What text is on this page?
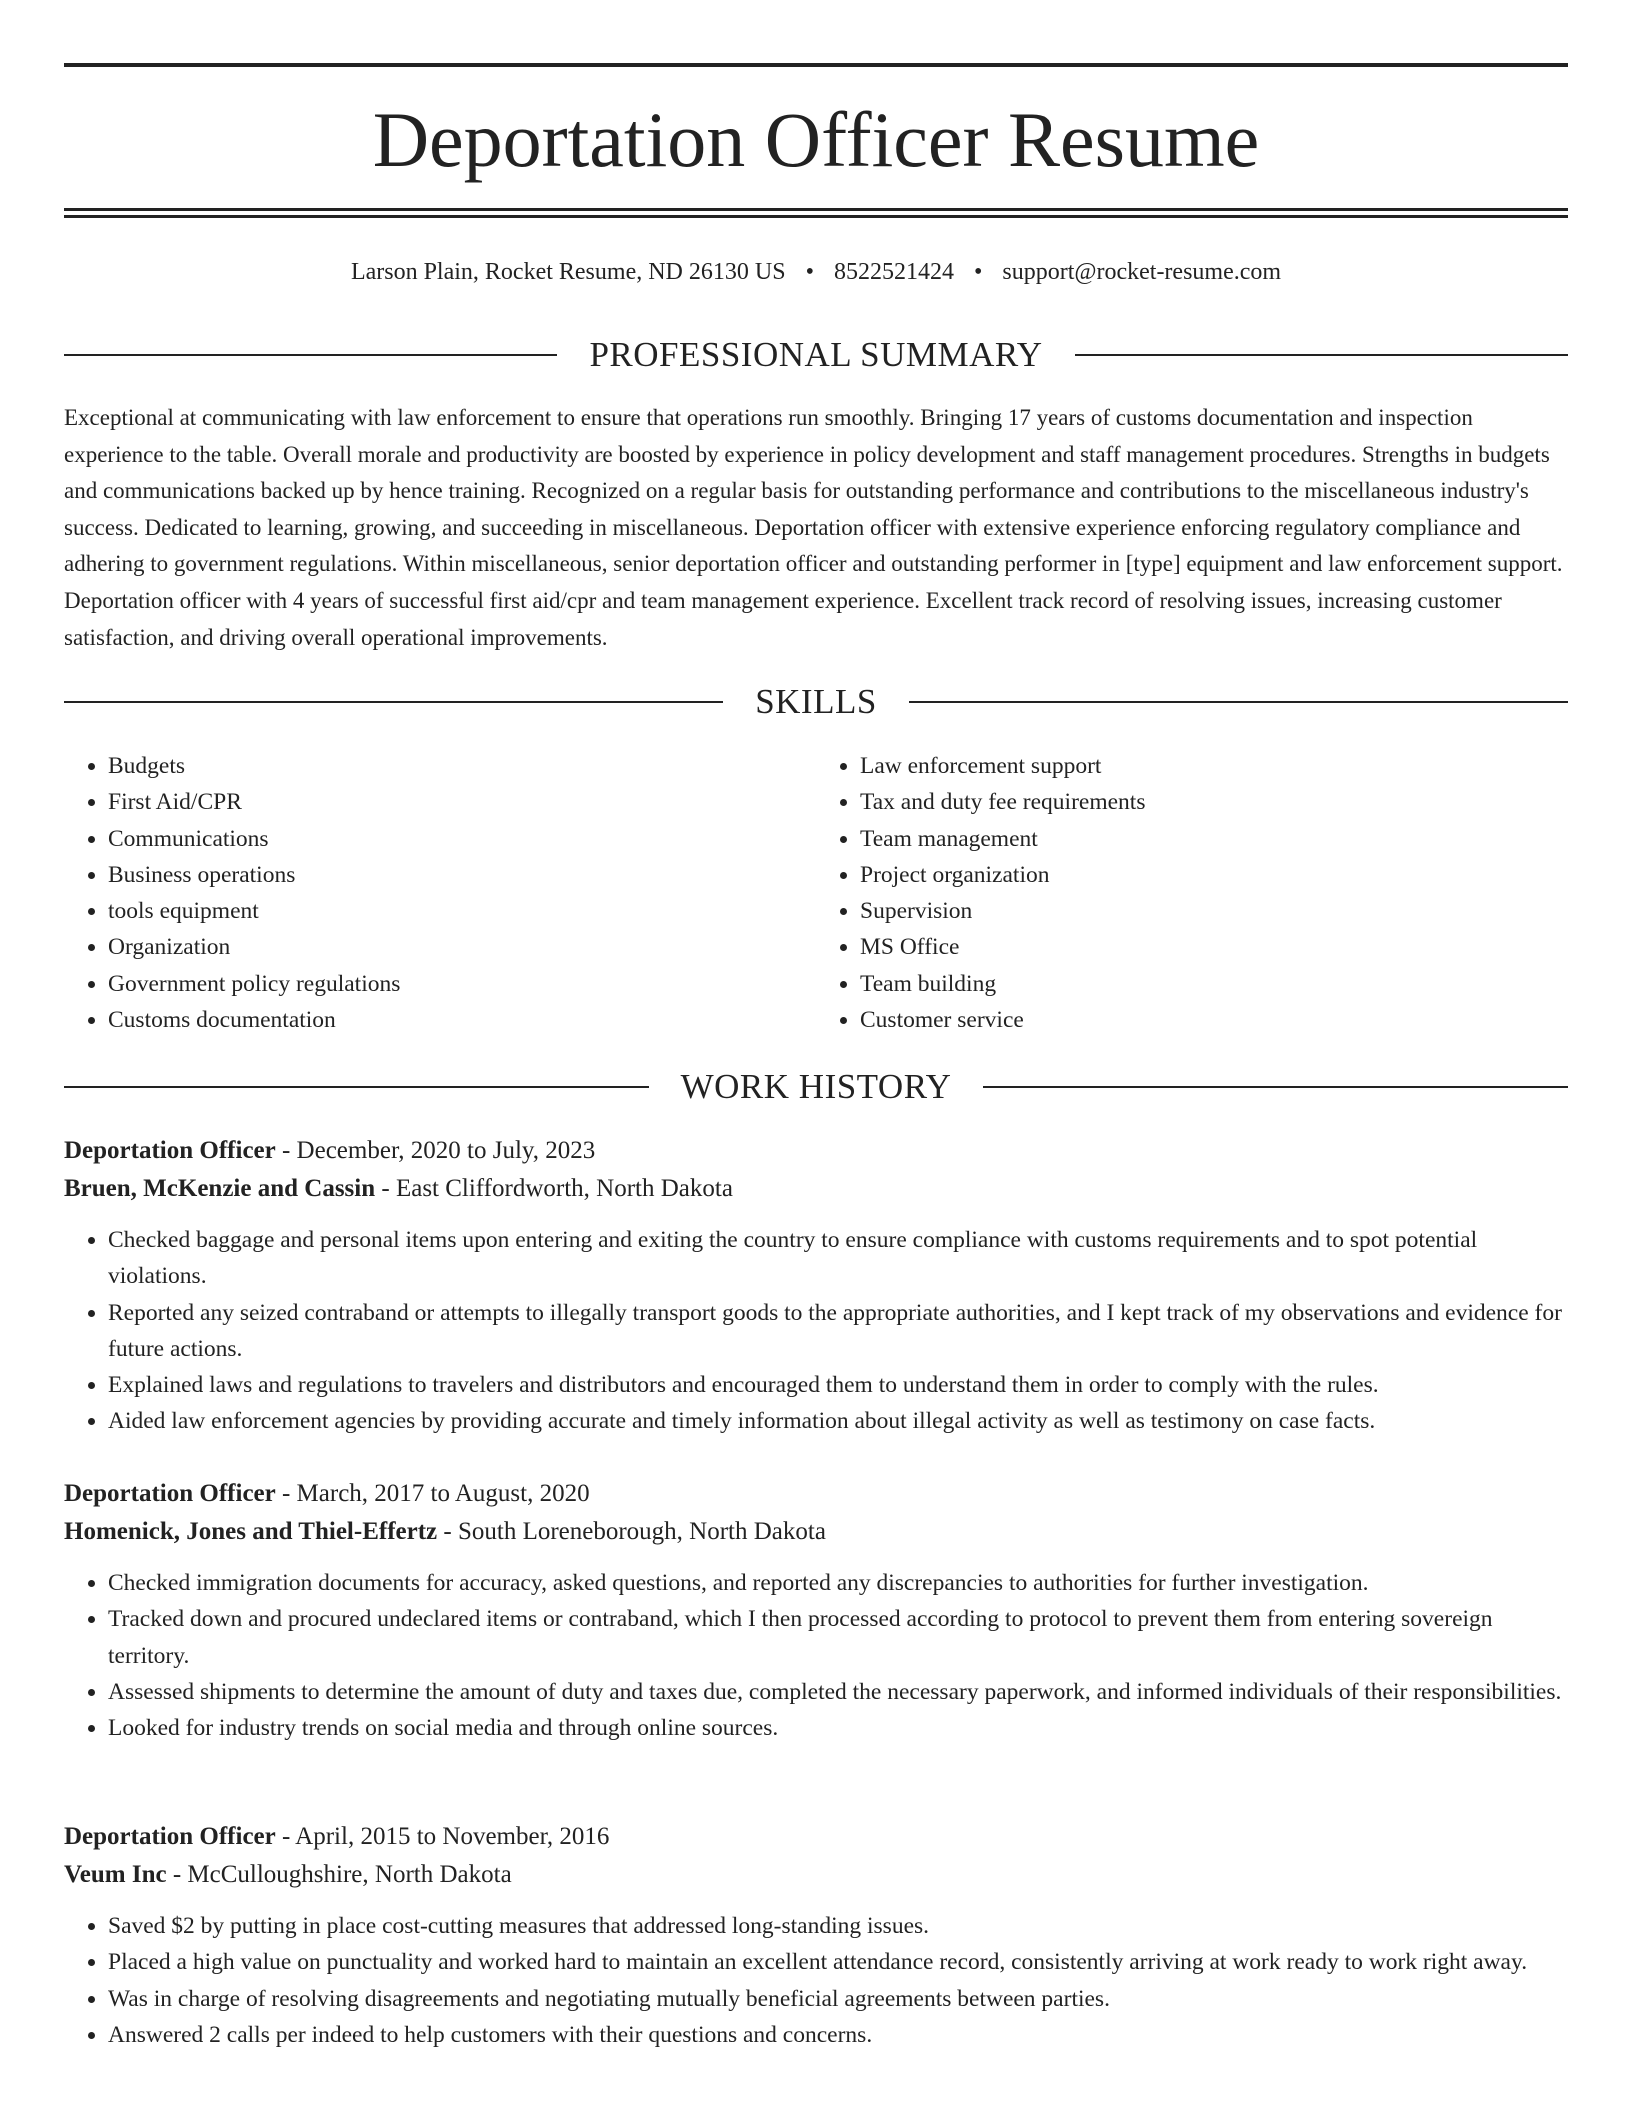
Deportation Officer Resume
Larson Plain, Rocket Resume, ND 26130 US • 8522521424 • support@rocket-resume.com
PROFESSIONAL SUMMARY

Exceptional at communicating with law enforcement to ensure that operations run smoothly. Bringing 17 years of customs documentation and inspection experience to the table. Overall morale and productivity are boosted by experience in policy development and staff management procedures. Strengths in budgets and communications backed up by hence training. Recognized on a regular basis for outstanding performance and contributions to the miscellaneous industry's success. Dedicated to learning, growing, and succeeding in miscellaneous. Deportation officer with extensive experience enforcing regulatory compliance and adhering to government regulations. Within miscellaneous, senior deportation officer and outstanding performer in [type] equipment and law enforcement support. Deportation officer with 4 years of successful first aid/cpr and team management experience. Excellent track record of resolving issues, increasing customer satisfaction, and driving overall operational improvements.

SKILLS
• Budgets
• First Aid/CPR
• Communications
• Business operations
• tools equipment
• Organization
• Government policy regulations
• Customs documentation
• Law enforcement support
• Tax and duty fee requirements
• Team management
• Project organization
• Supervision
• MS Office
• Team building
• Customer service
WORK HISTORY
Deportation Officer - December, 2020 to July, 2023
Bruen, McKenzie and Cassin - East Cliffordworth, North Dakota
• Checked baggage and personal items upon entering and exiting the country to ensure compliance with customs requirements and to spot potential violations.
• Reported any seized contraband or attempts to illegally transport goods to the appropriate authorities, and I kept track of my observations and evidence for future actions.
• Explained laws and regulations to travelers and distributors and encouraged them to understand them in order to comply with the rules.
• Aided law enforcement agencies by providing accurate and timely information about illegal activity as well as testimony on case facts.
Deportation Officer - March, 2017 to August, 2020
Homenick, Jones and Thiel-Effertz - South Loreneborough, North Dakota
• Checked immigration documents for accuracy, asked questions, and reported any discrepancies to authorities for further investigation.
• Tracked down and procured undeclared items or contraband, which I then processed according to protocol to prevent them from entering sovereign territory.
• Assessed shipments to determine the amount of duty and taxes due, completed the necessary paperwork, and informed individuals of their responsibilities.
• Looked for industry trends on social media and through online sources.
Deportation Officer - April, 2015 to November, 2016
Veum Inc - McCulloughshire, North Dakota
• Saved $2 by putting in place cost-cutting measures that addressed long-standing issues.
• Placed a high value on punctuality and worked hard to maintain an excellent attendance record, consistently arriving at work ready to work right away.
• Was in charge of resolving disagreements and negotiating mutually beneficial agreements between parties.
• Answered 2 calls per indeed to help customers with their questions and concerns.
